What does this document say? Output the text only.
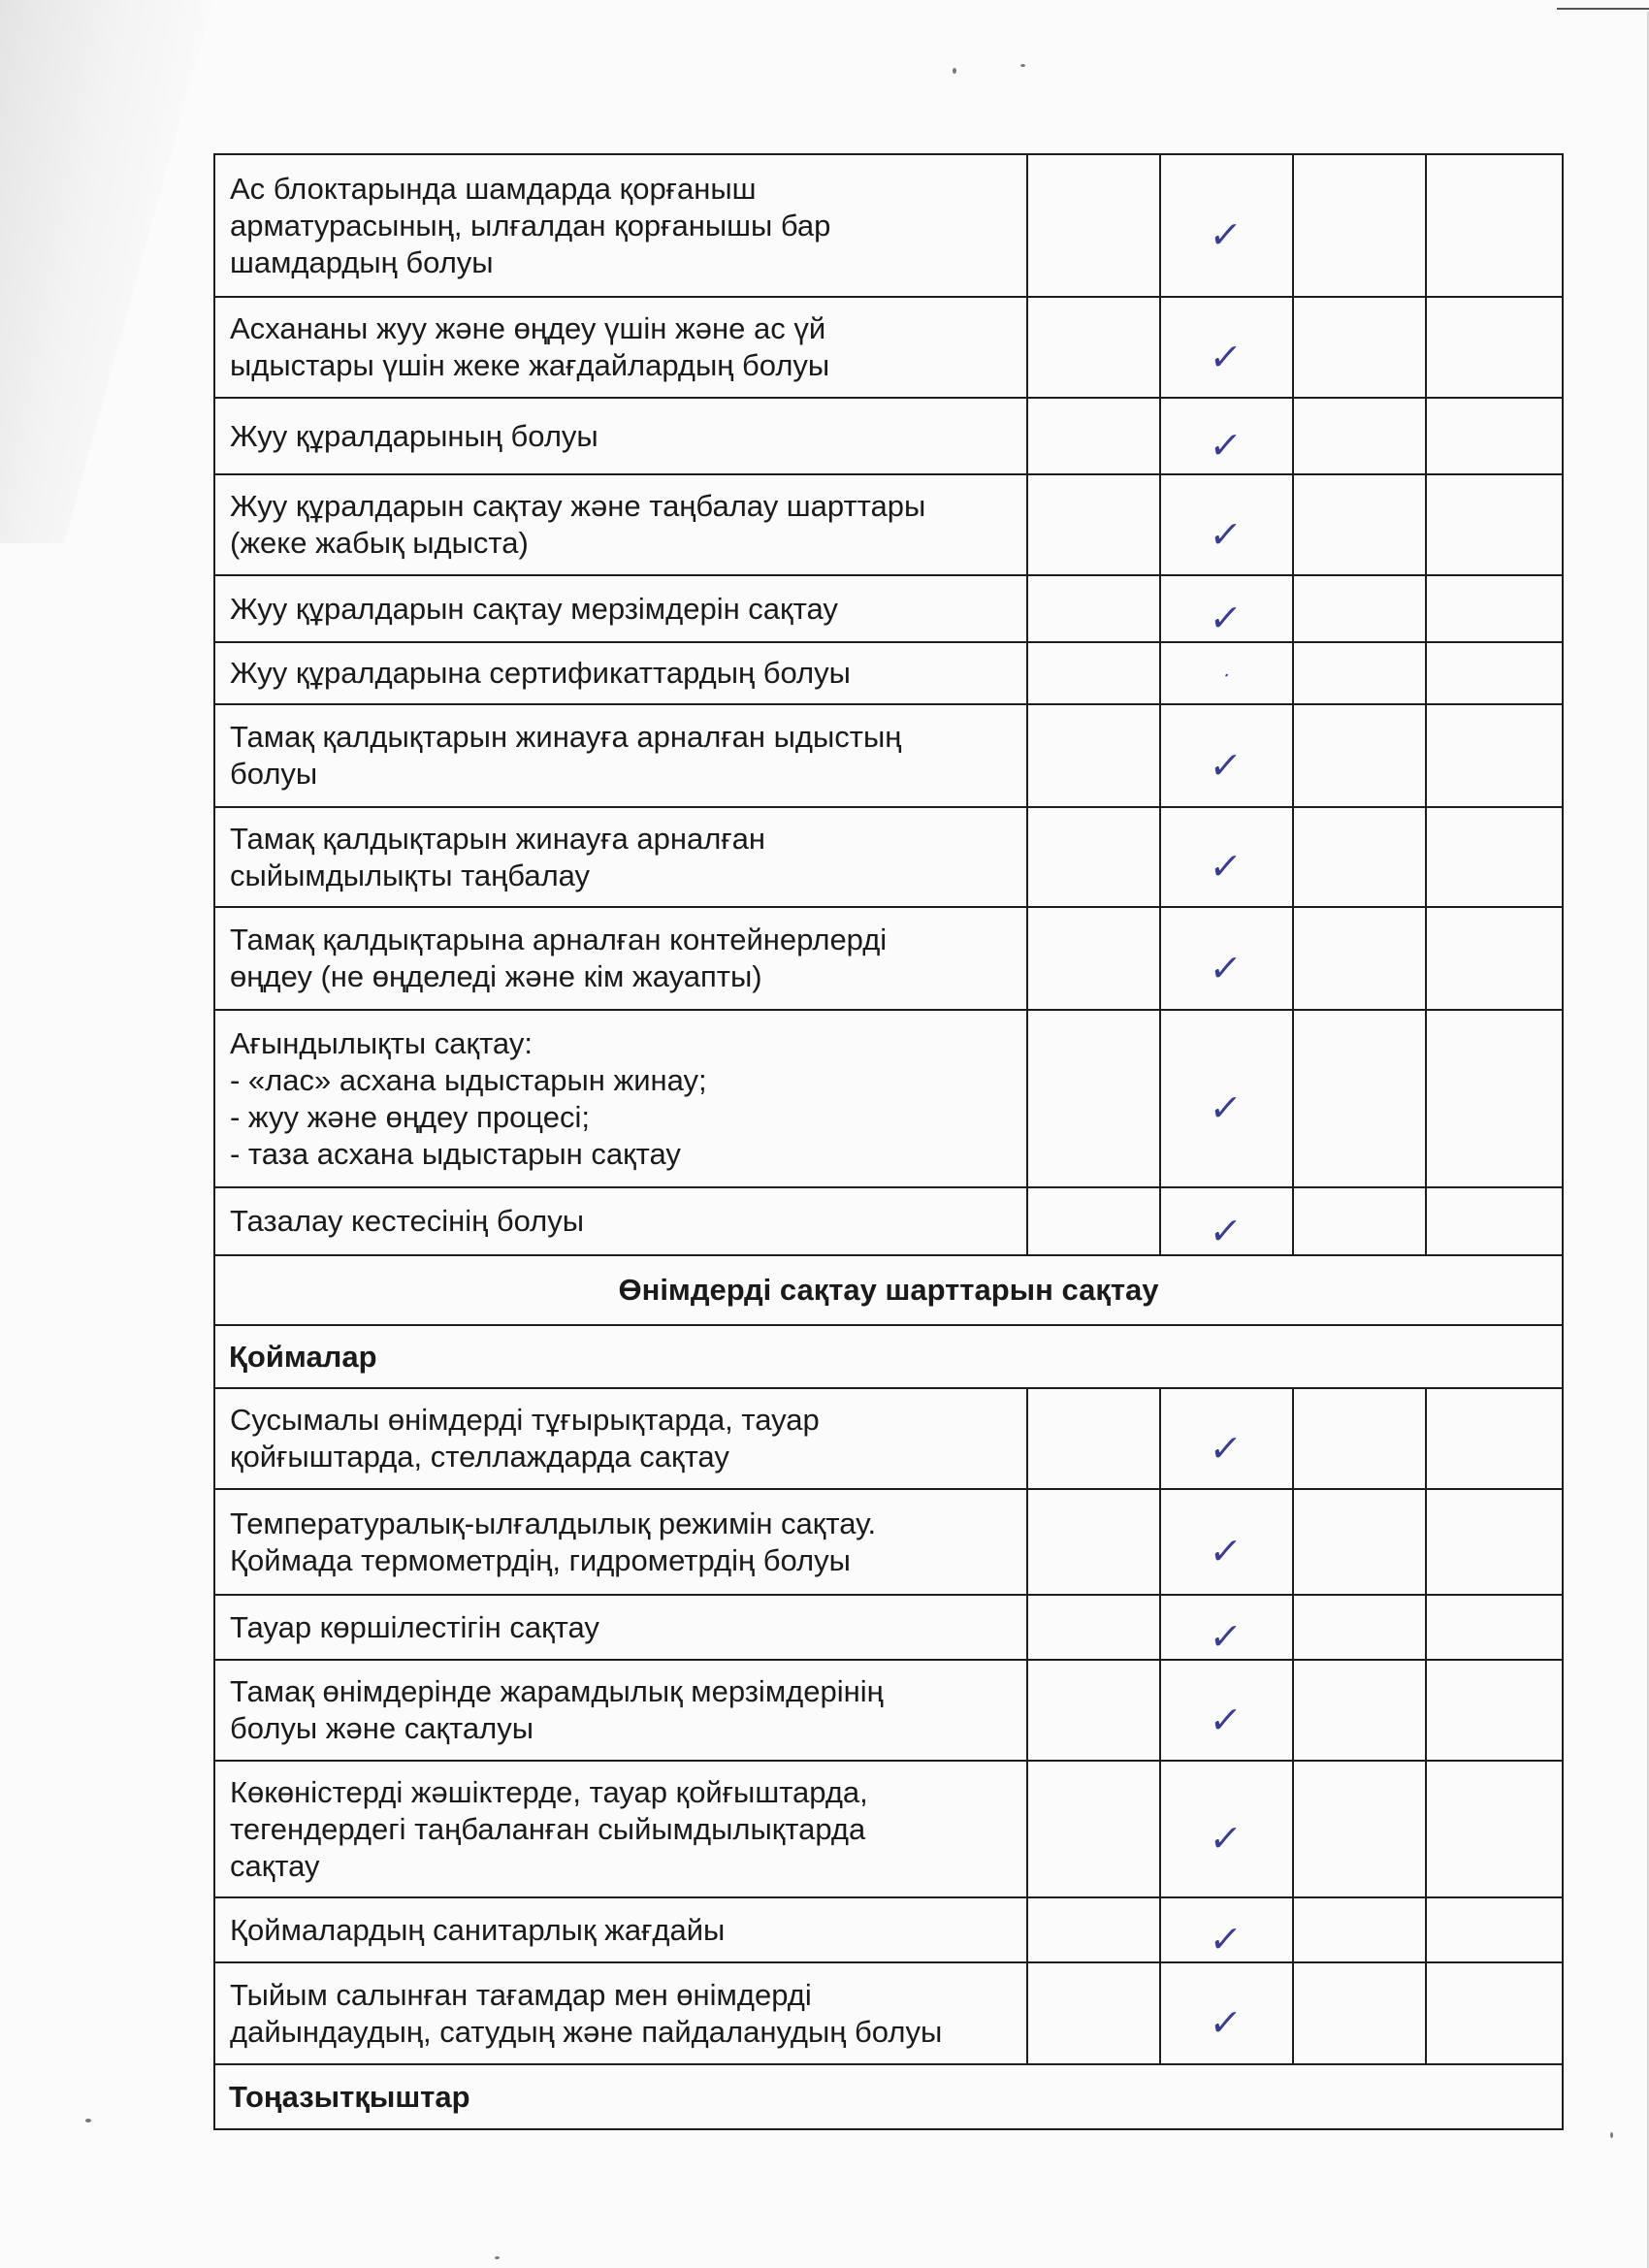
Ас блоктарында шамдарда қорғаныш
арматурасының, ылғалдан қорғанышы бар
шамдардың болуы		✓		
Асхананы жуу және өңдеу үшін және ас үй
ыдыстары үшін жеке жағдайлардың болуы		✓		
Жуу құралдарының болуы		✓		
Жуу құралдарын сақтау және таңбалау шарттары
(жеке жабық ыдыста)		✓		
Жуу құралдарын сақтау мерзімдерін сақтау		✓		
Жуу құралдарына сертификаттардың болуы		·		
Тамақ қалдықтарын жинауға арналған ыдыстың
болуы		✓		
Тамақ қалдықтарын жинауға арналған
сыйымдылықты таңбалау		✓		
Тамақ қалдықтарына арналған контейнерлерді
өңдеу (не өңделеді және кім жауапты)		✓		
Ағындылықты сақтау:
- «лас» асхана ыдыстарын жинау;
- жуу және өңдеу процесі;
- таза асхана ыдыстарын сақтау		✓		
Тазалау кестесінің болуы		✓		
Өнімдерді сақтау шарттарын сақтау				
Қоймалар				
Сусымалы өнімдерді тұғырықтарда, тауар
қойғыштарда, стеллаждарда сақтау		✓		
Температуралық-ылғалдылық режимін сақтау.
Қоймада термометрдің, гидрометрдің болуы		✓		
Тауар көршілестігін сақтау		✓		
Тамақ өнімдерінде жарамдылық мерзімдерінің
болуы және сақталуы		✓		
Көкөністерді жәшіктерде, тауар қойғыштарда,
тегендердегі таңбаланған сыйымдылықтарда
сақтау		✓		
Қоймалардың санитарлық жағдайы		✓		
Тыйым салынған тағамдар мен өнімдерді
дайындаудың, сатудың және пайдаланудың болуы		✓		
Тоңазытқыштар				
